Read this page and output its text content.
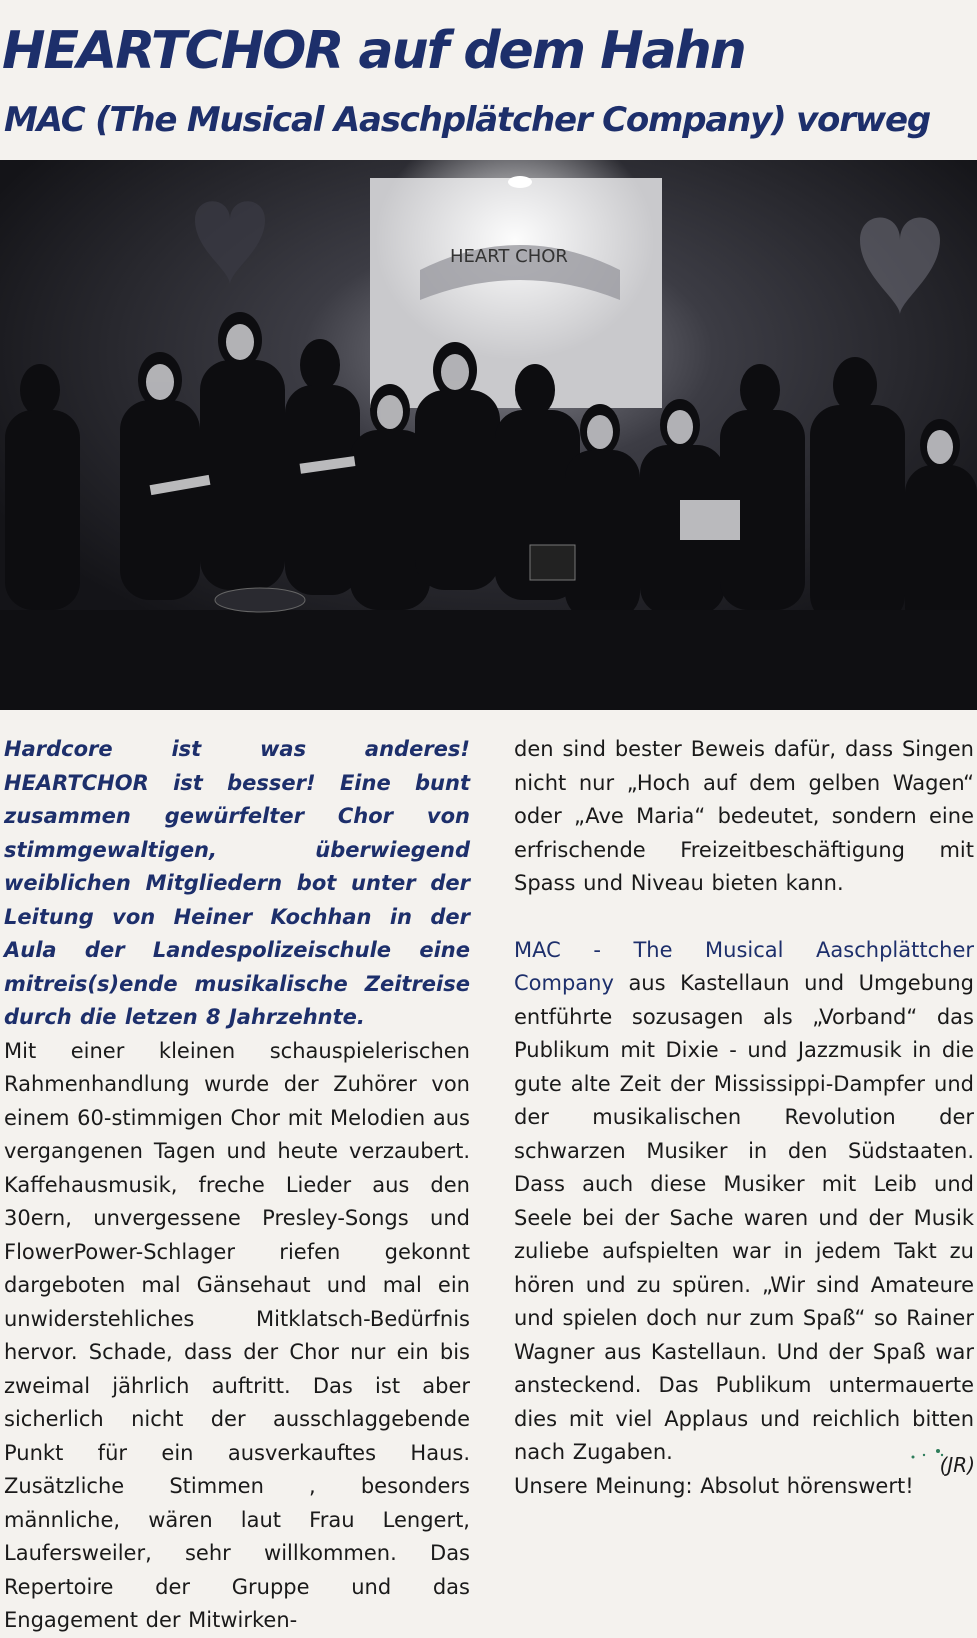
HEARTCHOR auf dem Hahn
MAC (The Musical Aaschplätcher Company) vorweg
HEART CHOR

Hardcore ist was anderes! HEARTCHOR ist besser! Eine bunt zusammen gewürfelter Chor von stimmgewaltigen, überwiegend weiblichen Mitgliedern bot unter der Leitung von Heiner Kochhan in der Aula der Landespolizeischule eine mitreis(s)ende musikalische Zeitreise durch die letzen 8 Jahrzehnte.

Mit einer kleinen schauspielerischen Rahmenhandlung wurde der Zuhörer von einem 60-stimmigen Chor mit Melodien aus vergangenen Tagen und heute verzaubert. Kaffehausmusik, freche Lieder aus den 30ern, unvergessene Presley-Songs und FlowerPower-Schlager riefen gekonnt dargeboten mal Gänsehaut und mal ein unwiderstehliches Mitklatsch-Bedürfnis hervor. Schade, dass der Chor nur ein bis zweimal jährlich auftritt. Das ist aber sicherlich nicht der ausschlaggebende Punkt für ein ausverkauftes Haus. Zusätzliche Stimmen , besonders männliche, wären laut Frau Lengert, Laufersweiler, sehr willkommen. Das Repertoire der Gruppe und das Engagement der Mitwirken-

den sind bester Beweis dafür, dass Singen nicht nur „Hoch auf dem gelben Wagen“ oder „Ave Maria“ bedeutet, sondern eine erfrischende Freizeitbeschäftigung mit Spass und Niveau bieten kann.

MAC - The Musical Aaschplättcher Company aus Kastellaun und Umgebung entführte sozusagen als „Vorband“ das Publikum mit Dixie - und Jazzmusik in die gute alte Zeit der Mississippi-Dampfer und der musikalischen Revolution der schwarzen Musiker in den Südstaaten. Dass auch diese Musiker mit Leib und Seele bei der Sache waren und der Musik zuliebe aufspielten war in jedem Takt zu hören und zu spüren. „Wir sind Amateure und spielen doch nur zum Spaß“ so Rainer Wagner aus Kastellaun. Und der Spaß war ansteckend. Das Publikum untermauerte dies mit viel Applaus und reichlich bitten nach Zugaben.

Unsere Meinung: Absolut hörenswert!

(JR)
